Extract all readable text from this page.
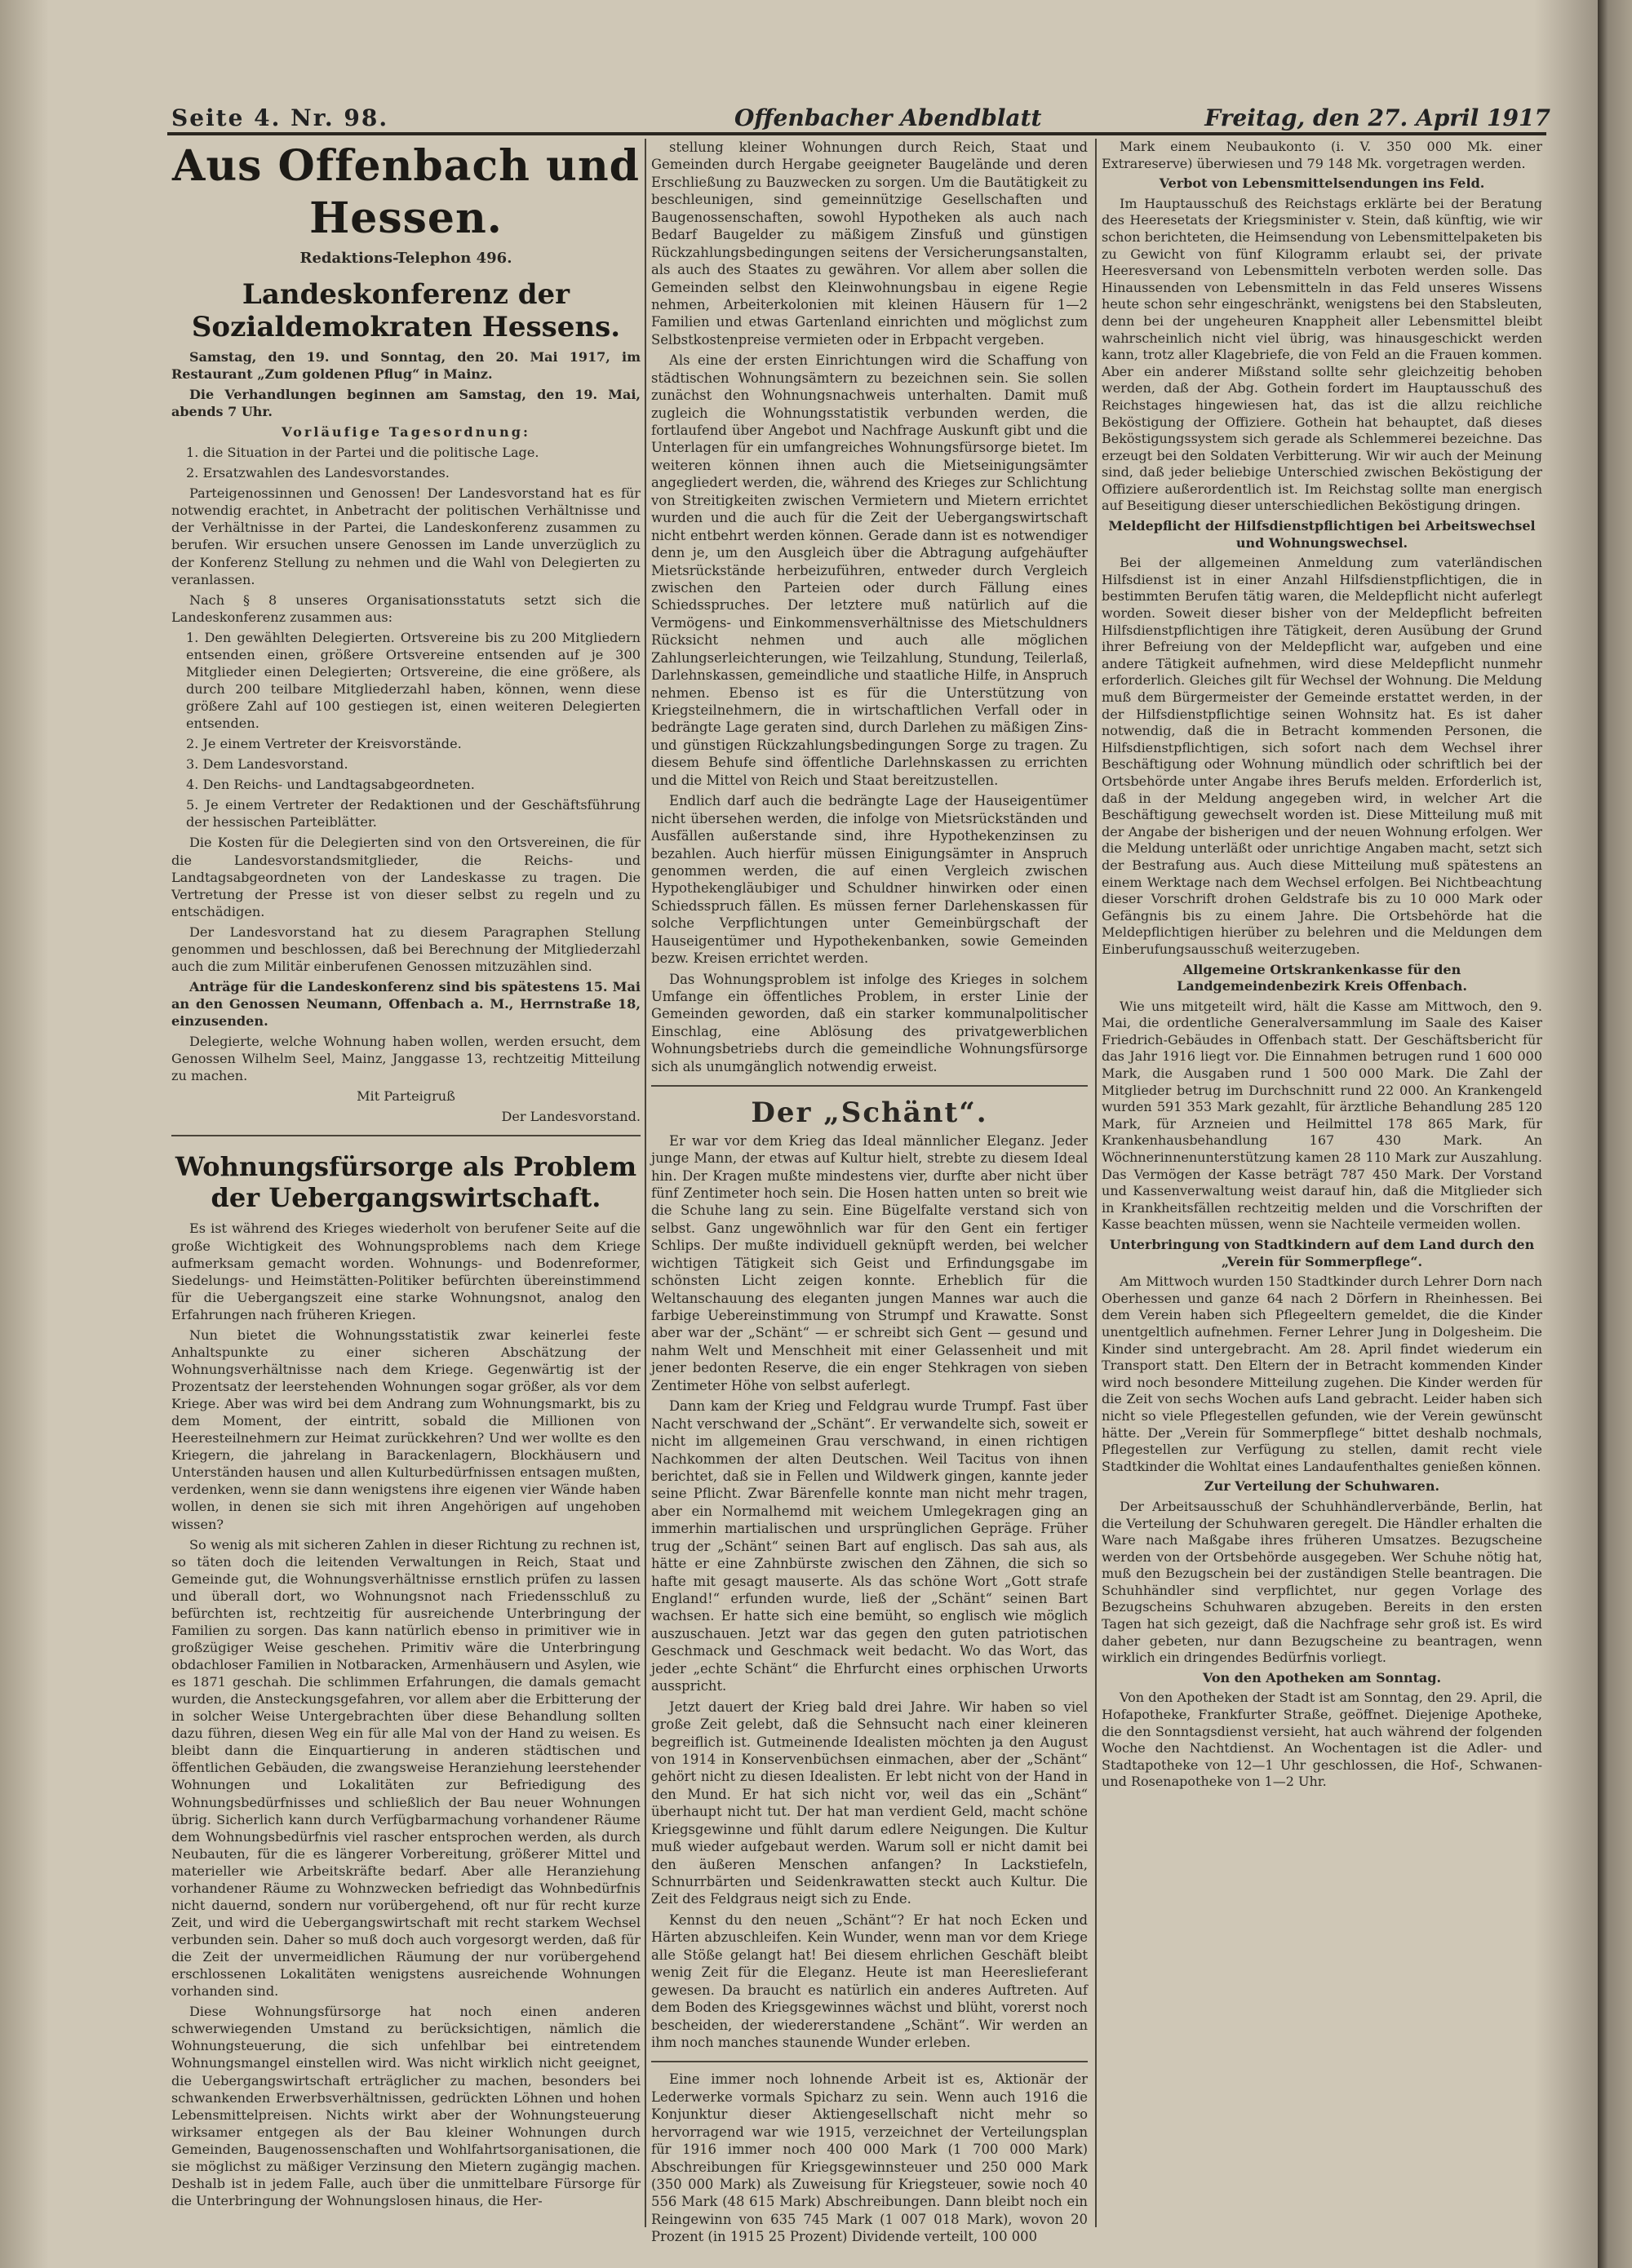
Seite 4. Nr. 98.	Offenbacher Abendblatt	Freitag, den 27. April 1917
Aus Offenbach und Hessen.
Redaktions-Telephon 496.
Landeskonferenz der Sozialdemokraten Hessens.

Samstag, den 19. und Sonntag, den 20. Mai 1917, im Restaurant „Zum goldenen Pflug“ in Mainz.

Die Verhandlungen beginnen am Samstag, den 19. Mai, abends 7 Uhr.

Vorläufige Tagesordnung:

1. die Situation in der Partei und die politische Lage.

2. Ersatzwahlen des Landesvorstandes.

Parteigenossinnen und Genossen! Der Landesvorstand hat es für notwendig erachtet, in Anbetracht der politischen Verhältnisse und der Verhältnisse in der Partei, die Landeskonferenz zusammen zu berufen. Wir ersuchen unsere Genossen im Lande unverzüglich zu der Konferenz Stellung zu nehmen und die Wahl von Delegierten zu veranlassen.

Nach § 8 unseres Organisationsstatuts setzt sich die Landeskonferenz zusammen aus:

1. Den gewählten Delegierten. Ortsvereine bis zu 200 Mitgliedern entsenden einen, größere Ortsvereine entsenden auf je 300 Mitglieder einen Delegierten; Ortsvereine, die eine größere, als durch 200 teilbare Mitgliederzahl haben, können, wenn diese größere Zahl auf 100 gestiegen ist, einen weiteren Delegierten entsenden.

2. Je einem Vertreter der Kreisvorstände.

3. Dem Landesvorstand.

4. Den Reichs- und Landtagsabgeordneten.

5. Je einem Vertreter der Redaktionen und der Geschäftsführung der hessischen Parteiblätter.

Die Kosten für die Delegierten sind von den Ortsvereinen, die für die Landesvorstandsmitglieder, die Reichs- und Landtagsabgeordneten von der Landeskasse zu tragen. Die Vertretung der Presse ist von dieser selbst zu regeln und zu entschädigen.

Der Landesvorstand hat zu diesem Paragraphen Stellung genommen und beschlossen, daß bei Berechnung der Mitgliederzahl auch die zum Militär einberufenen Genossen mitzuzählen sind.

Anträge für die Landeskonferenz sind bis spätestens 15. Mai an den Genossen Neumann, Offenbach a. M., Herrnstraße 18, einzusenden.

Delegierte, welche Wohnung haben wollen, werden ersucht, dem Genossen Wilhelm Seel, Mainz, Janggasse 13, rechtzeitig Mitteilung zu machen.

Mit Parteigruß

Der Landesvorstand.

Wohnungsfürsorge als Problem der Uebergangswirtschaft.

Es ist während des Krieges wiederholt von berufener Seite auf die große Wichtigkeit des Wohnungsproblems nach dem Kriege aufmerksam gemacht worden. Wohnungs- und Bodenreformer, Siedelungs- und Heimstätten-Politiker befürchten übereinstimmend für die Uebergangszeit eine starke Wohnungsnot, analog den Erfahrungen nach früheren Kriegen.

Nun bietet die Wohnungsstatistik zwar keinerlei feste Anhaltspunkte zu einer sicheren Abschätzung der Wohnungsverhältnisse nach dem Kriege. Gegenwärtig ist der Prozentsatz der leerstehenden Wohnungen sogar größer, als vor dem Kriege. Aber was wird bei dem Andrang zum Wohnungsmarkt, bis zu dem Moment, der eintritt, sobald die Millionen von Heeresteilnehmern zur Heimat zurückkehren? Und wer wollte es den Kriegern, die jahrelang in Barackenlagern, Blockhäusern und Unterständen hausen und allen Kulturbedürfnissen entsagen mußten, verdenken, wenn sie dann wenigstens ihre eigenen vier Wände haben wollen, in denen sie sich mit ihren Angehörigen auf ungehoben wissen?

So wenig als mit sicheren Zahlen in dieser Richtung zu rechnen ist, so täten doch die leitenden Verwaltungen in Reich, Staat und Gemeinde gut, die Wohnungsverhältnisse ernstlich prüfen zu lassen und überall dort, wo Wohnungsnot nach Friedensschluß zu befürchten ist, rechtzeitig für ausreichende Unterbringung der Familien zu sorgen. Das kann natürlich ebenso in primitiver wie in großzügiger Weise geschehen. Primitiv wäre die Unterbringung obdachloser Familien in Notbaracken, Armenhäusern und Asylen, wie es 1871 geschah. Die schlimmen Erfahrungen, die damals gemacht wurden, die Ansteckungsgefahren, vor allem aber die Erbitterung der in solcher Weise Untergebrachten über diese Behandlung sollten dazu führen, diesen Weg ein für alle Mal von der Hand zu weisen. Es bleibt dann die Einquartierung in anderen städtischen und öffentlichen Gebäuden, die zwangsweise Heranziehung leerstehender Wohnungen und Lokalitäten zur Befriedigung des Wohnungsbedürfnisses und schließlich der Bau neuer Wohnungen übrig. Sicherlich kann durch Verfügbarmachung vorhandener Räume dem Wohnungsbedürfnis viel rascher entsprochen werden, als durch Neubauten, für die es längerer Vorbereitung, größerer Mittel und materieller wie Arbeitskräfte bedarf. Aber alle Heranziehung vorhandener Räume zu Wohnzwecken befriedigt das Wohnbedürfnis nicht dauernd, sondern nur vorübergehend, oft nur für recht kurze Zeit, und wird die Uebergangswirtschaft mit recht starkem Wechsel verbunden sein. Daher so muß doch auch vorgesorgt werden, daß für die Zeit der unvermeidlichen Räumung der nur vorübergehend erschlossenen Lokalitäten wenigstens ausreichende Wohnungen vorhanden sind.

Diese Wohnungsfürsorge hat noch einen anderen schwerwiegenden Umstand zu berücksichtigen, nämlich die Wohnungsteuerung, die sich unfehlbar bei eintretendem Wohnungsmangel einstellen wird. Was nicht wirklich nicht geeignet, die Uebergangswirtschaft erträglicher zu machen, besonders bei schwankenden Erwerbsverhältnissen, gedrückten Löhnen und hohen Lebensmittelpreisen. Nichts wirkt aber der Wohnungsteuerung wirksamer entgegen als der Bau kleiner Wohnungen durch Gemeinden, Baugenossenschaften und Wohlfahrtsorganisationen, die sie möglichst zu mäßiger Verzinsung den Mietern zugängig machen. Deshalb ist in jedem Falle, auch über die unmittelbare Fürsorge für die Unterbringung der Wohnungslosen hinaus, die Her-

stellung kleiner Wohnungen durch Reich, Staat und Gemeinden durch Hergabe geeigneter Baugelände und deren Erschließung zu Bauzwecken zu sorgen. Um die Bautätigkeit zu beschleunigen, sind gemeinnützige Gesellschaften und Baugenossenschaften, sowohl Hypotheken als auch nach Bedarf Baugelder zu mäßigem Zinsfuß und günstigen Rückzahlungsbedingungen seitens der Versicherungsanstalten, als auch des Staates zu gewähren. Vor allem aber sollen die Gemeinden selbst den Kleinwohnungsbau in eigene Regie nehmen, Arbeiterkolonien mit kleinen Häusern für 1—2 Familien und etwas Gartenland einrichten und möglichst zum Selbstkostenpreise vermieten oder in Erbpacht vergeben.

Als eine der ersten Einrichtungen wird die Schaffung von städtischen Wohnungsämtern zu bezeichnen sein. Sie sollen zunächst den Wohnungsnachweis unterhalten. Damit muß zugleich die Wohnungsstatistik verbunden werden, die fortlaufend über Angebot und Nachfrage Auskunft gibt und die Unterlagen für ein umfangreiches Wohnungsfürsorge bietet. Im weiteren können ihnen auch die Mietseinigungsämter angegliedert werden, die, während des Krieges zur Schlichtung von Streitigkeiten zwischen Vermietern und Mietern errichtet wurden und die auch für die Zeit der Uebergangswirtschaft nicht entbehrt werden können. Gerade dann ist es notwendiger denn je, um den Ausgleich über die Abtragung aufgehäufter Mietsrückstände herbeizuführen, entweder durch Vergleich zwischen den Parteien oder durch Fällung eines Schiedsspruches. Der letztere muß natürlich auf die Vermögens- und Einkommensverhältnisse des Mietschuldners Rücksicht nehmen und auch alle möglichen Zahlungserleichterungen, wie Teilzahlung, Stundung, Teilerlaß, Darlehnskassen, gemeindliche und staatliche Hilfe, in Anspruch nehmen. Ebenso ist es für die Unterstützung von Kriegsteilnehmern, die in wirtschaftlichen Verfall oder in bedrängte Lage geraten sind, durch Darlehen zu mäßigen Zins- und günstigen Rückzahlungsbedingungen Sorge zu tragen. Zu diesem Behufe sind öffentliche Darlehnskassen zu errichten und die Mittel von Reich und Staat bereitzustellen.

Endlich darf auch die bedrängte Lage der Hauseigentümer nicht übersehen werden, die infolge von Mietsrückständen und Ausfällen außerstande sind, ihre Hypothekenzinsen zu bezahlen. Auch hierfür müssen Einigungsämter in Anspruch genommen werden, die auf einen Vergleich zwischen Hypothekengläubiger und Schuldner hinwirken oder einen Schiedsspruch fällen. Es müssen ferner Darlehenskassen für solche Verpflichtungen unter Gemeinbürgschaft der Hauseigentümer und Hypothekenbanken, sowie Gemeinden bezw. Kreisen errichtet werden.

Das Wohnungsproblem ist infolge des Krieges in solchem Umfange ein öffentliches Problem, in erster Linie der Gemeinden geworden, daß ein starker kommunalpolitischer Einschlag, eine Ablösung des privatgewerblichen Wohnungsbetriebs durch die gemeindliche Wohnungsfürsorge sich als unumgänglich notwendig erweist.

Der „Schänt“.

Er war vor dem Krieg das Ideal männlicher Eleganz. Jeder junge Mann, der etwas auf Kultur hielt, strebte zu diesem Ideal hin. Der Kragen mußte mindestens vier, durfte aber nicht über fünf Zentimeter hoch sein. Die Hosen hatten unten so breit wie die Schuhe lang zu sein. Eine Bügelfalte verstand sich von selbst. Ganz ungewöhnlich war für den Gent ein fertiger Schlips. Der mußte individuell geknüpft werden, bei welcher wichtigen Tätigkeit sich Geist und Erfindungsgabe im schönsten Licht zeigen konnte. Erheblich für die Weltanschauung des eleganten jungen Mannes war auch die farbige Uebereinstimmung von Strumpf und Krawatte. Sonst aber war der „Schänt“ — er schreibt sich Gent — gesund und nahm Welt und Menschheit mit einer Gelassenheit und mit jener bedonten Reserve, die ein enger Stehkragen von sieben Zentimeter Höhe von selbst auferlegt.

Dann kam der Krieg und Feldgrau wurde Trumpf. Fast über Nacht verschwand der „Schänt“. Er verwandelte sich, soweit er nicht im allgemeinen Grau verschwand, in einen richtigen Nachkommen der alten Deutschen. Weil Tacitus von ihnen berichtet, daß sie in Fellen und Wildwerk gingen, kannte jeder seine Pflicht. Zwar Bärenfelle konnte man nicht mehr tragen, aber ein Normalhemd mit weichem Umlegekragen ging an immerhin martialischen und ursprünglichen Gepräge. Früher trug der „Schänt“ seinen Bart auf englisch. Das sah aus, als hätte er eine Zahnbürste zwischen den Zähnen, die sich so hafte mit gesagt mauserte. Als das schöne Wort „Gott strafe England!“ erfunden wurde, ließ der „Schänt“ seinen Bart wachsen. Er hatte sich eine bemüht, so englisch wie möglich auszuschauen. Jetzt war das gegen den guten patriotischen Geschmack und Geschmack weit bedacht. Wo das Wort, das jeder „echte Schänt“ die Ehrfurcht eines orphischen Urworts ausspricht.

Jetzt dauert der Krieg bald drei Jahre. Wir haben so viel große Zeit gelebt, daß die Sehnsucht nach einer kleineren begreiflich ist. Gutmeinende Idealisten möchten ja den August von 1914 in Konservenbüchsen einmachen, aber der „Schänt“ gehört nicht zu diesen Idealisten. Er lebt nicht von der Hand in den Mund. Er hat sich nicht vor, weil das ein „Schänt“ überhaupt nicht tut. Der hat man verdient Geld, macht schöne Kriegsgewinne und fühlt darum edlere Neigungen. Die Kultur muß wieder aufgebaut werden. Warum soll er nicht damit bei den äußeren Menschen anfangen? In Lackstiefeln, Schnurrbärten und Seidenkrawatten steckt auch Kultur. Die Zeit des Feldgraus neigt sich zu Ende.

Kennst du den neuen „Schänt“? Er hat noch Ecken und Härten abzuschleifen. Kein Wunder, wenn man vor dem Kriege alle Stöße gelangt hat! Bei diesem ehrlichen Geschäft bleibt wenig Zeit für die Eleganz. Heute ist man Heereslieferant gewesen. Da braucht es natürlich ein anderes Auftreten. Auf dem Boden des Kriegsgewinnes wächst und blüht, vorerst noch bescheiden, der wiedererstandene „Schänt“. Wir werden an ihm noch manches staunende Wunder erleben.

Eine immer noch lohnende Arbeit ist es, Aktionär der Lederwerke vormals Spicharz zu sein. Wenn auch 1916 die Konjunktur dieser Aktiengesellschaft nicht mehr so hervorragend war wie 1915, verzeichnet der Verteilungsplan für 1916 immer noch 400 000 Mark (1 700 000 Mark) Abschreibungen für Kriegsgewinnsteuer und 250 000 Mark (350 000 Mark) als Zuweisung für Kriegsteuer, sowie noch 40 556 Mark (48 615 Mark) Abschreibungen. Dann bleibt noch ein Reingewinn von 635 745 Mark (1 007 018 Mark), wovon 20 Prozent (in 1915 25 Prozent) Dividende verteilt, 100 000

Mark einem Neubaukonto (i. V. 350 000 Mk. einer Extrareserve) überwiesen und 79 148 Mk. vorgetragen werden.

Verbot von Lebensmittelsendungen ins Feld.

Im Hauptausschuß des Reichstags erklärte bei der Beratung des Heeresetats der Kriegsminister v. Stein, daß künftig, wie wir schon berichteten, die Heimsendung von Lebensmittelpaketen bis zu Gewicht von fünf Kilogramm erlaubt sei, der private Heeresversand von Lebensmitteln verboten werden solle. Das Hinaussenden von Lebensmitteln in das Feld unseres Wissens heute schon sehr eingeschränkt, wenigstens bei den Stabsleuten, denn bei der ungeheuren Knappheit aller Lebensmittel bleibt wahrscheinlich nicht viel übrig, was hinausgeschickt werden kann, trotz aller Klagebriefe, die von Feld an die Frauen kommen. Aber ein anderer Mißstand sollte sehr gleichzeitig behoben werden, daß der Abg. Gothein fordert im Hauptausschuß des Reichstages hingewiesen hat, das ist die allzu reichliche Beköstigung der Offiziere. Gothein hat behauptet, daß dieses Beköstigungssystem sich gerade als Schlemmerei bezeichne. Das erzeugt bei den Soldaten Verbitterung. Wir wir auch der Meinung sind, daß jeder beliebige Unterschied zwischen Beköstigung der Offiziere außerordentlich ist. Im Reichstag sollte man energisch auf Beseitigung dieser unterschiedlichen Beköstigung dringen.

Meldepflicht der Hilfsdienstpflichtigen bei Arbeitswechsel und Wohnungswechsel.

Bei der allgemeinen Anmeldung zum vaterländischen Hilfsdienst ist in einer Anzahl Hilfsdienstpflichtigen, die in bestimmten Berufen tätig waren, die Meldepflicht nicht auferlegt worden. Soweit dieser bisher von der Meldepflicht befreiten Hilfsdienstpflichtigen ihre Tätigkeit, deren Ausübung der Grund ihrer Befreiung von der Meldepflicht war, aufgeben und eine andere Tätigkeit aufnehmen, wird diese Meldepflicht nunmehr erforderlich. Gleiches gilt für Wechsel der Wohnung. Die Meldung muß dem Bürgermeister der Gemeinde erstattet werden, in der der Hilfsdienstpflichtige seinen Wohnsitz hat. Es ist daher notwendig, daß die in Betracht kommenden Personen, die Hilfsdienstpflichtigen, sich sofort nach dem Wechsel ihrer Beschäftigung oder Wohnung mündlich oder schriftlich bei der Ortsbehörde unter Angabe ihres Berufs melden. Erforderlich ist, daß in der Meldung angegeben wird, in welcher Art die Beschäftigung gewechselt worden ist. Diese Mitteilung muß mit der Angabe der bisherigen und der neuen Wohnung erfolgen. Wer die Meldung unterläßt oder unrichtige Angaben macht, setzt sich der Bestrafung aus. Auch diese Mitteilung muß spätestens an einem Werktage nach dem Wechsel erfolgen. Bei Nichtbeachtung dieser Vorschrift drohen Geldstrafe bis zu 10 000 Mark oder Gefängnis bis zu einem Jahre. Die Ortsbehörde hat die Meldepflichtigen hierüber zu belehren und die Meldungen dem Einberufungsausschuß weiterzugeben.

Allgemeine Ortskrankenkasse für den Landgemeindenbezirk Kreis Offenbach.

Wie uns mitgeteilt wird, hält die Kasse am Mittwoch, den 9. Mai, die ordentliche Generalversammlung im Saale des Kaiser Friedrich-Gebäudes in Offenbach statt. Der Geschäftsbericht für das Jahr 1916 liegt vor. Die Einnahmen betrugen rund 1 600 000 Mark, die Ausgaben rund 1 500 000 Mark. Die Zahl der Mitglieder betrug im Durchschnitt rund 22 000. An Krankengeld wurden 591 353 Mark gezahlt, für ärztliche Behandlung 285 120 Mark, für Arzneien und Heilmittel 178 865 Mark, für Krankenhausbehandlung 167 430 Mark. An Wöchnerinnenunterstützung kamen 28 110 Mark zur Auszahlung. Das Vermögen der Kasse beträgt 787 450 Mark. Der Vorstand und Kassenverwaltung weist darauf hin, daß die Mitglieder sich in Krankheitsfällen rechtzeitig melden und die Vorschriften der Kasse beachten müssen, wenn sie Nachteile vermeiden wollen.

Unterbringung von Stadtkindern auf dem Land durch den „Verein für Sommerpflege“.

Am Mittwoch wurden 150 Stadtkinder durch Lehrer Dorn nach Oberhessen und ganze 64 nach 2 Dörfern in Rheinhessen. Bei dem Verein haben sich Pflegeeltern gemeldet, die die Kinder unentgeltlich aufnehmen. Ferner Lehrer Jung in Dolgesheim. Die Kinder sind untergebracht. Am 28. April findet wiederum ein Transport statt. Den Eltern der in Betracht kommenden Kinder wird noch besondere Mitteilung zugehen. Die Kinder werden für die Zeit von sechs Wochen aufs Land gebracht. Leider haben sich nicht so viele Pflegestellen gefunden, wie der Verein gewünscht hätte. Der „Verein für Sommerpflege“ bittet deshalb nochmals, Pflegestellen zur Verfügung zu stellen, damit recht viele Stadtkinder die Wohltat eines Landaufenthaltes genießen können.

Zur Verteilung der Schuhwaren.

Der Arbeitsausschuß der Schuhhändlerverbände, Berlin, hat die Verteilung der Schuhwaren geregelt. Die Händler erhalten die Ware nach Maßgabe ihres früheren Umsatzes. Bezugscheine werden von der Ortsbehörde ausgegeben. Wer Schuhe nötig hat, muß den Bezugschein bei der zuständigen Stelle beantragen. Die Schuhhändler sind verpflichtet, nur gegen Vorlage des Bezugscheins Schuhwaren abzugeben. Bereits in den ersten Tagen hat sich gezeigt, daß die Nachfrage sehr groß ist. Es wird daher gebeten, nur dann Bezugscheine zu beantragen, wenn wirklich ein dringendes Bedürfnis vorliegt.

Von den Apotheken am Sonntag.

Von den Apotheken der Stadt ist am Sonntag, den 29. April, die Hofapotheke, Frankfurter Straße, geöffnet. Diejenige Apotheke, die den Sonntagsdienst versieht, hat auch während der folgenden Woche den Nachtdienst. An Wochentagen ist die Adler- und Stadtapotheke von 12—1 Uhr geschlossen, die Hof-, Schwanen- und Rosenapotheke von 1—2 Uhr.
